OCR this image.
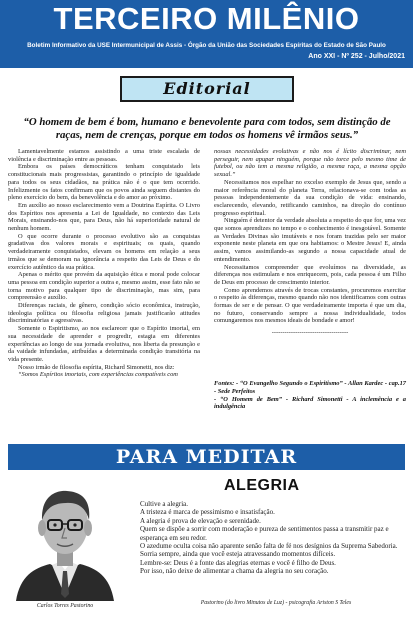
TERCEIRO MILÊNIO
Boletim Informativo da USE Intermunicipal de Assis - Órgão da União das Sociedades Espíritas do Estado de São Paulo
Ano XXI - Nº 252 - Julho/2021
Editorial
“O homem de bem é bom, humano e benevolente para com todos, sem distinção de raças, nem de crenças, porque em todos os homens vê irmãos seus.”

Lamentavelmente estamos assistindo a uma triste escalada de violência e discriminação entre as pessoas.

Embora os países democráticos tenham conquistado leis constitucionais mais progressistas, garantindo o princípio de igualdade para todos os seus cidadãos, na prática não é o que tem ocorrido. Infelizmente os fatos confirmam que os povos ainda seguem distantes do pleno exercício do bem, da benevolência e do amor ao próximo.

Em auxílio ao nosso esclarecimento vem a Doutrina Espírita. O Livro dos Espíritos nos apresenta a Lei de Igualdade, no contexto das Leis Morais, ensinando-nos que, para Deus, não há superioridade natural de nenhum homem.

O que ocorre durante o processo evolutivo são as conquistas gradativas dos valores morais e espirituais; os quais, quando verdadeiramente conquistados, elevam os homens em relação a seus irmãos que se demoram na ignorância a respeito das Leis de Deus e do exercício autêntico da sua prática.

Apenas o mérito que provém da aquisição ética e moral pode colocar uma pessoa em condição superior a outra e, mesmo assim, esse fato não se torna motivo para qualquer tipo de discriminação, mas sim, para compreensão e auxílio.

Diferenças raciais, de gênero, condição sócio econômica, instrução, ideologia política ou filosofia religiosa jamais justificarão atitudes discriminatórias e agressivas.

Somente o Espiritismo, ao nos esclarecer que o Espírito imortal, em sua necessidade de aprender e progredir, estagia em diferentes experiências ao longo de sua jornada evolutiva, nos liberta da presunção e da vaidade infundadas, atribuídas a determinada condição transitória na vida presente.

Nosso irmão de filosofia espírita, Richard Simonetti, nos diz:

“Somos Espíritos imortais, com experiências compatíveis com

nossas necessidades evolutivas e não nos é lícito discriminar, nem perseguir, nem apupar ninguém, porque não torce pelo mesmo time de futebol, ou não tem a mesma religião, a mesma raça, a mesma opção sexual.”

Necessitamos nos espelhar no excelso exemplo de Jesus que, sendo a maior referência moral do planeta Terra, relacionava-se com todas as pessoas independentemente da sua condição de vida: ensinando, esclarecendo, elevando, retificando caminhos, na direção do contínuo progresso espiritual.

Ninguém é detentor da verdade absoluta a respeito do que for, uma vez que somos aprendizes no tempo e o conhecimento é inesgotável. Somente as Verdades Divinas são imutáveis e nos foram trazidas pelo ser maior exponente neste planeta em que ora habitamos: o Mestre Jesus! E, ainda assim, vamos assimilando-as segundo a nossa capacidade atual de entendimento.

Necessitamos compreender que evoluímos na diversidade, as diferenças nos estimulam e nos enriquecem, pois, cada pessoa é um Filho de Deus em processo de crescimento interior.

Como aprendemos através de trocas constantes, procuremos exercitar o respeito às diferenças, mesmo quando não nos identificamos com outras formas de ser e de pensar. O que verdadeiramente importa é que um dia, no futuro, conservando sempre a nossa individualidade, todos comungaremos nos mesmos ideais de bondade e amor!

------------------------------------

Fontes: - “O Evangelho Segundo o Espiritismo” - Allan Kardec - cap.17 - Sede Perfeitos
- “O Homem de Bem” - Richard Simonetti - A inclemência e a indulgência
PARA MEDITAR
Carlos Torres Pastorino
ALEGRIA
Cultive a alegria.
A tristeza é marca de pessimismo e insatisfação.
A alegria é prova de elevação e serenidade.
Quem se dispõe a sorrir com moderação e pureza de sentimentos passa a transmitir paz e esperança em seu redor.
O azedume oculta coisa não aparente senão falta de fé nos desígnios da Suprema Sabedoria.
Sorria sempre, ainda que você esteja atravessando momentos difíceis.
Lembre-se: Deus é a fonte das alegrias eternas e você é filho de Deus.
Por isso, não deixe de alimentar a chama da alegria no seu coração.
Pastorino (do livro Minutos de Luz) - psicografia Ariston S Teles
